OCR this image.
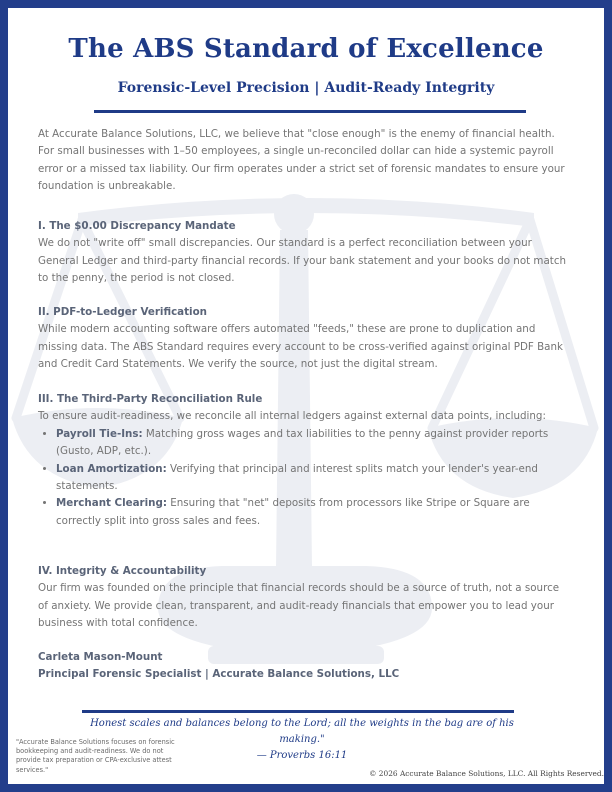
The ABS Standard of Excellence
Forensic-Level Precision | Audit-Ready Integrity
At Accurate Balance Solutions, LLC, we believe that "close enough" is the enemy of financial health. For small businesses with 1–50 employees, a single un-reconciled dollar can hide a systemic payroll error or a missed tax liability. Our firm operates under a strict set of forensic mandates to ensure your foundation is unbreakable.
I. The $0.00 Discrepancy Mandate

We do not "write off" small discrepancies. Our standard is a perfect reconciliation between your General Ledger and third-party financial records. If your bank statement and your books do not match to the penny, the period is not closed.

II. PDF-to-Ledger Verification

While modern accounting software offers automated "feeds," these are prone to duplication and missing data. The ABS Standard requires every account to be cross-verified against original PDF Bank and Credit Card Statements. We verify the source, not just the digital stream.

III. The Third-Party Reconciliation Rule

To ensure audit-readiness, we reconcile all internal ledgers against external data points, including:

• Payroll Tie-Ins: Matching gross wages and tax liabilities to the penny against provider reports (Gusto, ADP, etc.).
• Loan Amortization: Verifying that principal and interest splits match your lender's year-end statements.
• Merchant Clearing: Ensuring that "net" deposits from processors like Stripe or Square are correctly split into gross sales and fees.
IV. Integrity & Accountability

Our firm was founded on the principle that financial records should be a source of truth, not a source of anxiety. We provide clean, transparent, and audit-ready financials that empower you to lead your business with total confidence.

Carleta Mason-Mount
Principal Forensic Specialist | Accurate Balance Solutions, LLC
Honest scales and balances belong to the Lord; all the weights in the bag are of his making."
— Proverbs 16:11
"Accurate Balance Solutions focuses on forensic bookkeeping and audit-readiness. We do not provide tax preparation or CPA-exclusive attest services."	© 2026 Accurate Balance Solutions, LLC. All Rights Reserved.
